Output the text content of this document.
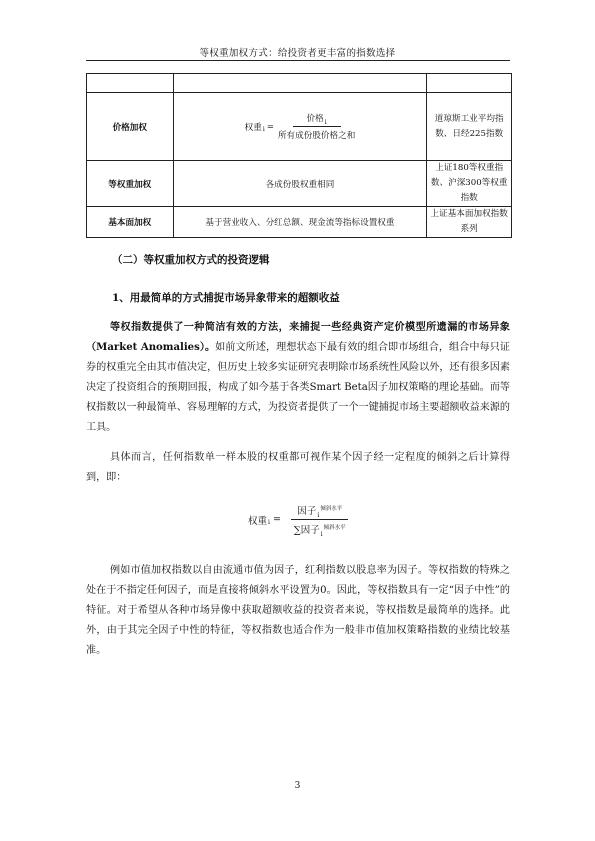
等权重加权方式：给投资者更丰富的指数选择

价格加权	权重 $i = \frac{价格_i}{\text{所有成份股价格之和}}$	道琼斯工业平均指数、日经225指数
等权重加权	各成份股权重相同	上证180等权重指数、沪深300等权重指数
基本面加权	基于营业收入、分红总额、现金流等指标设置权重	上证基本面加权指数系列
（二）等权重加权方式的投资逻辑
1、用最简单的方式捕捉市场异象带来的超额收益
等权指数提供了一种简洁有效的方法，来捕捉一些经典资产定价模型所遗漏的市场异象（Market Anomalies）。如前文所述，理想状态下最有效的组合即市场组合，组合中每只证券的权重完全由其市值决定，但历史上较多实证研究表明除市场系统性风险以外，还有很多因素决定了投资组合的预期回报，构成了如今基于各类Smart Beta因子加权策略的理论基础。而等权指数以一种最简单、容易理解的方式，为投资者提供了一个一键捕捉市场主要超额收益来源的工具。
具体而言，任何指数单一样本股的权重都可视作某个因子经一定程度的倾斜之后计算得到，即：
权重 $i = \frac{因子_i^{倾斜水平}}{\sum 因子_i^{倾斜水平}}$
例如市值加权指数以自由流通市值为因子，红利指数以股息率为因子。等权指数的特殊之处在于不指定任何因子，而是直接将倾斜水平设置为0。因此，等权指数具有一定“因子中性”的特征。对于希望从各种市场异像中获取超额收益的投资者来说，等权指数是最简单的选择。此外，由于其完全因子中性的特征，等权指数也适合作为一般非市值加权策略指数的业绩比较基准。
3
